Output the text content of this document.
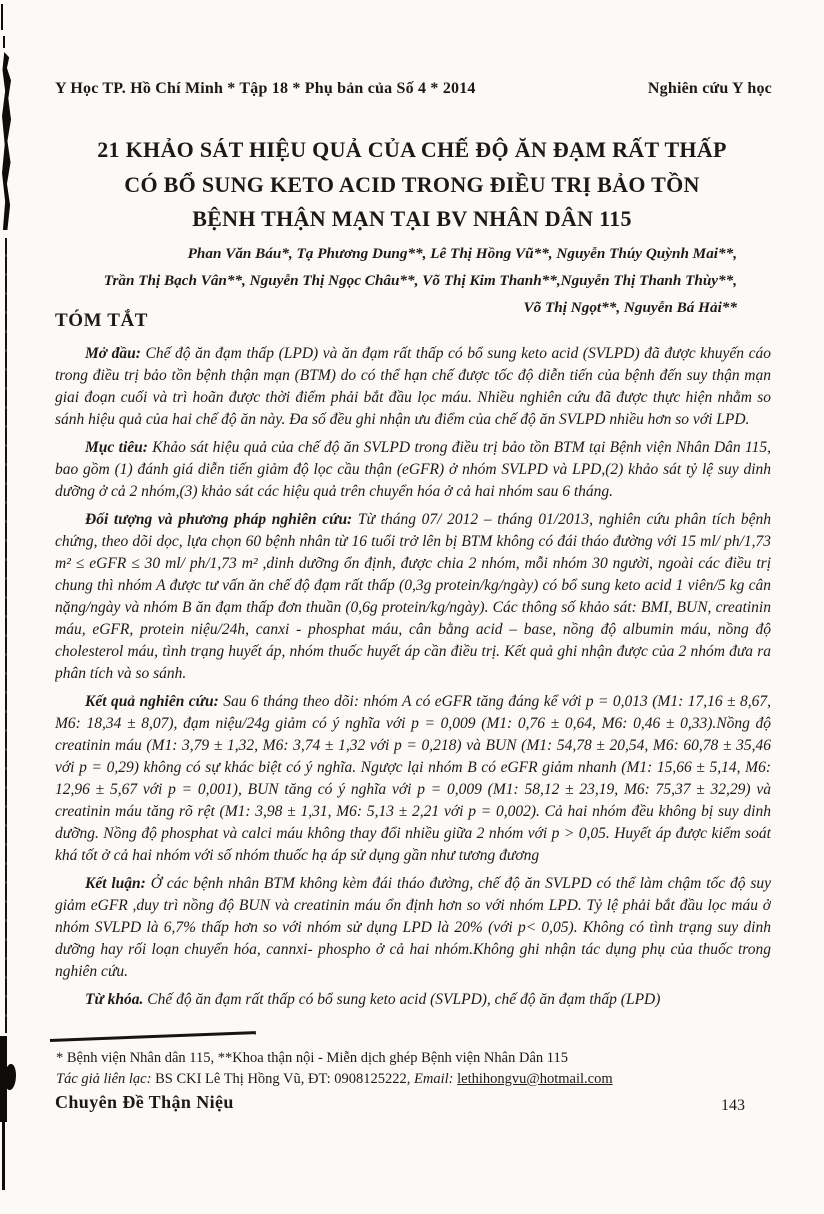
Y Học TP. Hồ Chí Minh * Tập 18 * Phụ bản của Số 4 * 2014	Nghiên cứu Y học
21 KHẢO SÁT HIỆU QUẢ CỦA CHẾ ĐỘ ĂN ĐẠM RẤT THẤP
CÓ BỔ SUNG KETO ACID TRONG ĐIỀU TRỊ BẢO TỒN
BỆNH THẬN MẠN TẠI BV NHÂN DÂN 115
Phan Văn Báu*, Tạ Phương Dung**, Lê Thị Hồng Vũ**, Nguyễn Thúy Quỳnh Mai**,
Trần Thị Bạch Vân**, Nguyễn Thị Ngọc Châu**, Võ Thị Kim Thanh**,Nguyễn Thị Thanh Thùy**,
Võ Thị Ngọt**, Nguyễn Bá Hải**
TÓM TẮT

Mở đầu: Chế độ ăn đạm thấp (LPD) và ăn đạm rất thấp có bổ sung keto acid (SVLPD) đã được khuyến cáo trong điều trị bảo tồn bệnh thận mạn (BTM) do có thể hạn chế được tốc độ diễn tiến của bệnh đến suy thận mạn giai đoạn cuối và trì hoãn được thời điểm phải bắt đầu lọc máu. Nhiều nghiên cứu đã được thực hiện nhằm so sánh hiệu quả của hai chế độ ăn này. Đa số đều ghi nhận ưu điểm của chế độ ăn SVLPD nhiều hơn so với LPD.

Mục tiêu: Khảo sát hiệu quả của chế độ ăn SVLPD trong điều trị bảo tồn BTM tại Bệnh viện Nhân Dân 115, bao gồm (1) đánh giá diễn tiến giảm độ lọc cầu thận (eGFR) ở nhóm SVLPD và LPD,(2) khảo sát tỷ lệ suy dinh dưỡng ở cả 2 nhóm,(3) khảo sát các hiệu quả trên chuyển hóa ở cả hai nhóm sau 6 tháng.

Đối tượng và phương pháp nghiên cứu: Từ tháng 07/ 2012 – tháng 01/2013, nghiên cứu phân tích bệnh chứng, theo dõi dọc, lựa chọn 60 bệnh nhân từ 16 tuổi trở lên bị BTM không có đái tháo đường với 15 ml/ ph/1,73 m² ≤ eGFR ≤ 30 ml/ ph/1,73 m² ,dinh dưỡng ổn định, được chia 2 nhóm, mỗi nhóm 30 người, ngoài các điều trị chung thì nhóm A được tư vấn ăn chế độ đạm rất thấp (0,3g protein/kg/ngày) có bổ sung keto acid 1 viên/5 kg cân nặng/ngày và nhóm B ăn đạm thấp đơn thuần (0,6g protein/kg/ngày). Các thông số khảo sát: BMI, BUN, creatinin máu, eGFR, protein niệu/24h, canxi - phosphat máu, cân bằng acid – base, nồng độ albumin máu, nồng độ cholesterol máu, tình trạng huyết áp, nhóm thuốc huyết áp cần điều trị. Kết quả ghi nhận được của 2 nhóm đưa ra phân tích và so sánh.

Kết quả nghiên cứu: Sau 6 tháng theo dõi: nhóm A có eGFR tăng đáng kể với p = 0,013 (M1: 17,16 ± 8,67, M6: 18,34 ± 8,07), đạm niệu/24g giảm có ý nghĩa với p = 0,009 (M1: 0,76 ± 0,64, M6: 0,46 ± 0,33).Nồng độ creatinin máu (M1: 3,79 ± 1,32, M6: 3,74 ± 1,32 với p = 0,218) và BUN (M1: 54,78 ± 20,54, M6: 60,78 ± 35,46 với p = 0,29) không có sự khác biệt có ý nghĩa. Ngược lại nhóm B có eGFR giảm nhanh (M1: 15,66 ± 5,14, M6: 12,96 ± 5,67 với p = 0,001), BUN tăng có ý nghĩa với p = 0,009 (M1: 58,12 ± 23,19, M6: 75,37 ± 32,29) và creatinin máu tăng rõ rệt (M1: 3,98 ± 1,31, M6: 5,13 ± 2,21 với p = 0,002). Cả hai nhóm đều không bị suy dinh dưỡng. Nồng độ phosphat và calci máu không thay đổi nhiều giữa 2 nhóm với p > 0,05. Huyết áp được kiểm soát khá tốt ở cả hai nhóm với số nhóm thuốc hạ áp sử dụng gần như tương đương

Kết luận: Ở các bệnh nhân BTM không kèm đái tháo đường, chế độ ăn SVLPD có thể làm chậm tốc độ suy giảm eGFR ,duy trì nồng độ BUN và creatinin máu ổn định hơn so với nhóm LPD. Tỷ lệ phải bắt đầu lọc máu ở nhóm SVLPD là 6,7% thấp hơn so với nhóm sử dụng LPD là 20% (với p< 0,05). Không có tình trạng suy dinh dưỡng hay rối loạn chuyển hóa, cannxi- phospho ở cả hai nhóm.Không ghi nhận tác dụng phụ của thuốc trong nghiên cứu.

Từ khóa. Chế độ ăn đạm rất thấp có bổ sung keto acid (SVLPD), chế độ ăn đạm thấp (LPD)

* Bệnh viện Nhân dân 115, **Khoa thận nội - Miễn dịch ghép Bệnh viện Nhân Dân 115
Tác giả liên lạc: BS CKI Lê Thị Hồng Vũ, ĐT: 0908125222, Email: lethihongvu@hotmail.com
Chuyên Đề Thận Niệu	143
